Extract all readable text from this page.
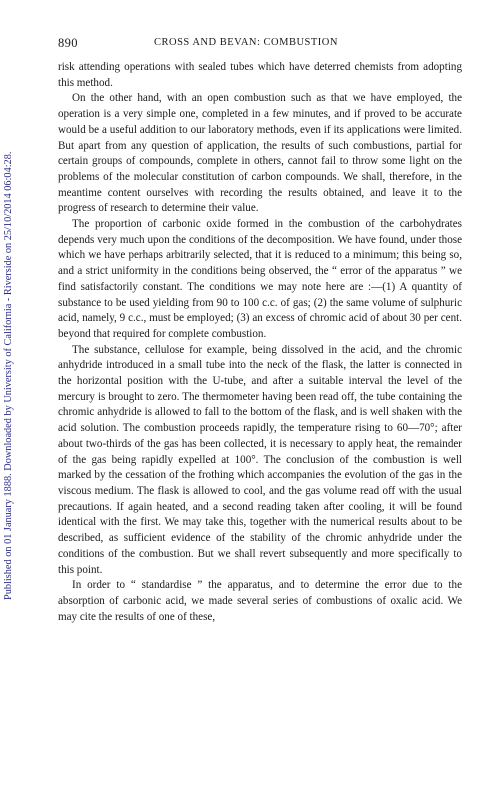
Published on 01 January 1888. Downloaded by University of California - Riverside on 25/10/2014 06:04:28.
890	CROSS AND BEVAN: COMBUSTION

risk attending operations with sealed tubes which have deterred chemists from adopting this method.

On the other hand, with an open combustion such as that we have employed, the operation is a very simple one, completed in a few minutes, and if proved to be accurate would be a useful addition to our laboratory methods, even if its applications were limited. But apart from any question of application, the results of such combustions, partial for certain groups of compounds, complete in others, cannot fail to throw some light on the problems of the molecular constitution of carbon compounds. We shall, therefore, in the meantime content ourselves with recording the results obtained, and leave it to the progress of research to determine their value.

The proportion of carbonic oxide formed in the combustion of the carbohydrates depends very much upon the conditions of the decomposition. We have found, under those which we have perhaps arbitrarily selected, that it is reduced to a minimum; this being so, and a strict uniformity in the conditions being observed, the “ error of the apparatus ” we find satisfactorily constant. The conditions we may note here are :—(1) A quantity of substance to be used yielding from 90 to 100 c.c. of gas; (2) the same volume of sulphuric acid, namely, 9 c.c., must be employed; (3) an excess of chromic acid of about 30 per cent. beyond that required for complete combustion.

The substance, cellulose for example, being dissolved in the acid, and the chromic anhydride introduced in a small tube into the neck of the flask, the latter is connected in the horizontal position with the U-tube, and after a suitable interval the level of the mercury is brought to zero. The thermometer having been read off, the tube containing the chromic anhydride is allowed to fall to the bottom of the flask, and is well shaken with the acid solution. The combustion proceeds rapidly, the temperature rising to 60—70°; after about two-thirds of the gas has been collected, it is necessary to apply heat, the remainder of the gas being rapidly expelled at 100°. The conclusion of the combustion is well marked by the cessation of the frothing which accompanies the evolution of the gas in the viscous medium. The flask is allowed to cool, and the gas volume read off with the usual precautions. If again heated, and a second reading taken after cooling, it will be found identical with the first. We may take this, together with the numerical results about to be described, as sufficient evidence of the stability of the chromic anhydride under the conditions of the combustion. But we shall revert subsequently and more specifically to this point.

In order to “ standardise ” the apparatus, and to determine the error due to the absorption of carbonic acid, we made several series of combustions of oxalic acid. We may cite the results of one of these,
